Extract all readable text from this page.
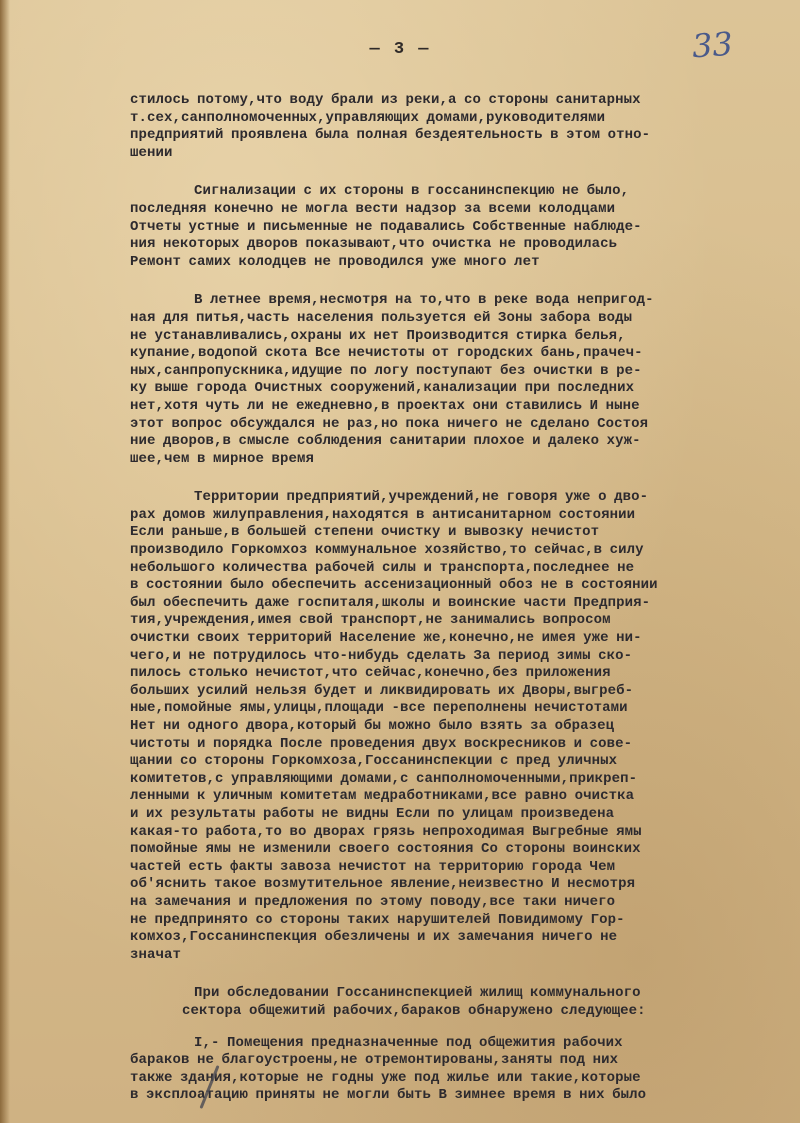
— 3 —	33

стилось потому,что воду брали из реки,а со стороны санитарных
т.сех,санполномоченных,управляющих домами,руководителями
предприятий проявлена была полная бездеятельность в этом отно-
шении

Сигнализации с их стороны в госсанинспекцию не было,
последняя конечно не могла вести надзор за всеми колодцами
Отчеты устные и письменные не подавались Собственные наблюде-
ния некоторых дворов показывают,что очистка не проводилась
Ремонт самих колодцев не проводился уже много лет

В летнее время,несмотря на то,что в реке вода непригод-
ная для питья,часть населения пользуется ей Зоны забора воды
не устанавливались,охраны их нет Производится стирка белья,
купание,водопой скота Все нечистоты от городских бань,прачеч-
ных,санпропускника,идущие по логу поступают без очистки в ре-
ку выше города Очистных сооружений,канализации при последних
нет,хотя чуть ли не ежедневно,в проектах они ставились И ныне
этот вопрос обсуждался не раз,но пока ничего не сделано Состоя
ние дворов,в смысле соблюдения санитарии плохое и далеко хуж-
шее,чем в мирное время

Территории предприятий,учреждений,не говоря уже о дво-
рах домов жилуправления,находятся в антисанитарном состоянии
Если раньше,в большей степени очистку и вывозку нечистот
производило Горкомхоз коммунальное хозяйство,то сейчас,в силу
небольшого количества рабочей силы и транспорта,последнее не
в состоянии было обеспечить ассенизационный обоз не в состоянии
был обеспечить даже госпиталя,школы и воинские части Предприя-
тия,учреждения,имея свой транспорт,не занимались вопросом
очистки своих территорий Население же,конечно,не имея уже ни-
чего,и не потрудилось что-нибудь сделать За период зимы ско-
пилось столько нечистот,что сейчас,конечно,без приложения
больших усилий нельзя будет и ликвидировать их Дворы,выгреб-
ные,помойные ямы,улицы,площади -все переполнены нечистотами
Нет ни одного двора,который бы можно было взять за образец
чистоты и порядка После проведения двух воскресников и сове-
щании со стороны Горкомхоза,Госсанинспекции с пред уличных
комитетов,с управляющими домами,с санполномоченными,прикреп-
ленными к уличным комитетам медработниками,все равно очистка
и их результаты работы не видны Если по улицам произведена
какая-то работа,то во дворах грязь непроходимая Выгребные ямы
помойные ямы не изменили своего состояния Со стороны воинских
частей есть факты завоза нечистот на территорию города Чем
об'яснить такое возмутительное явление,неизвестно И несмотря
на замечания и предложения по этому поводу,все таки ничего
не предпринято со стороны таких нарушителей Повидимому Гор-
комхоз,Госсанинспекция обезличены и их замечания ничего не
значат

При обследовании Госсанинспекцией жилищ коммунального
сектора общежитий рабочих,бараков обнаружено следующее:

I,- Помещения предназначенные под общежития рабочих
бараков не благоустроены,не отремонтированы,заняты под них
также здания,которые не годны уже под жилье или такие,которые
в эксплоатацию приняты не могли быть В зимнее время в них было
